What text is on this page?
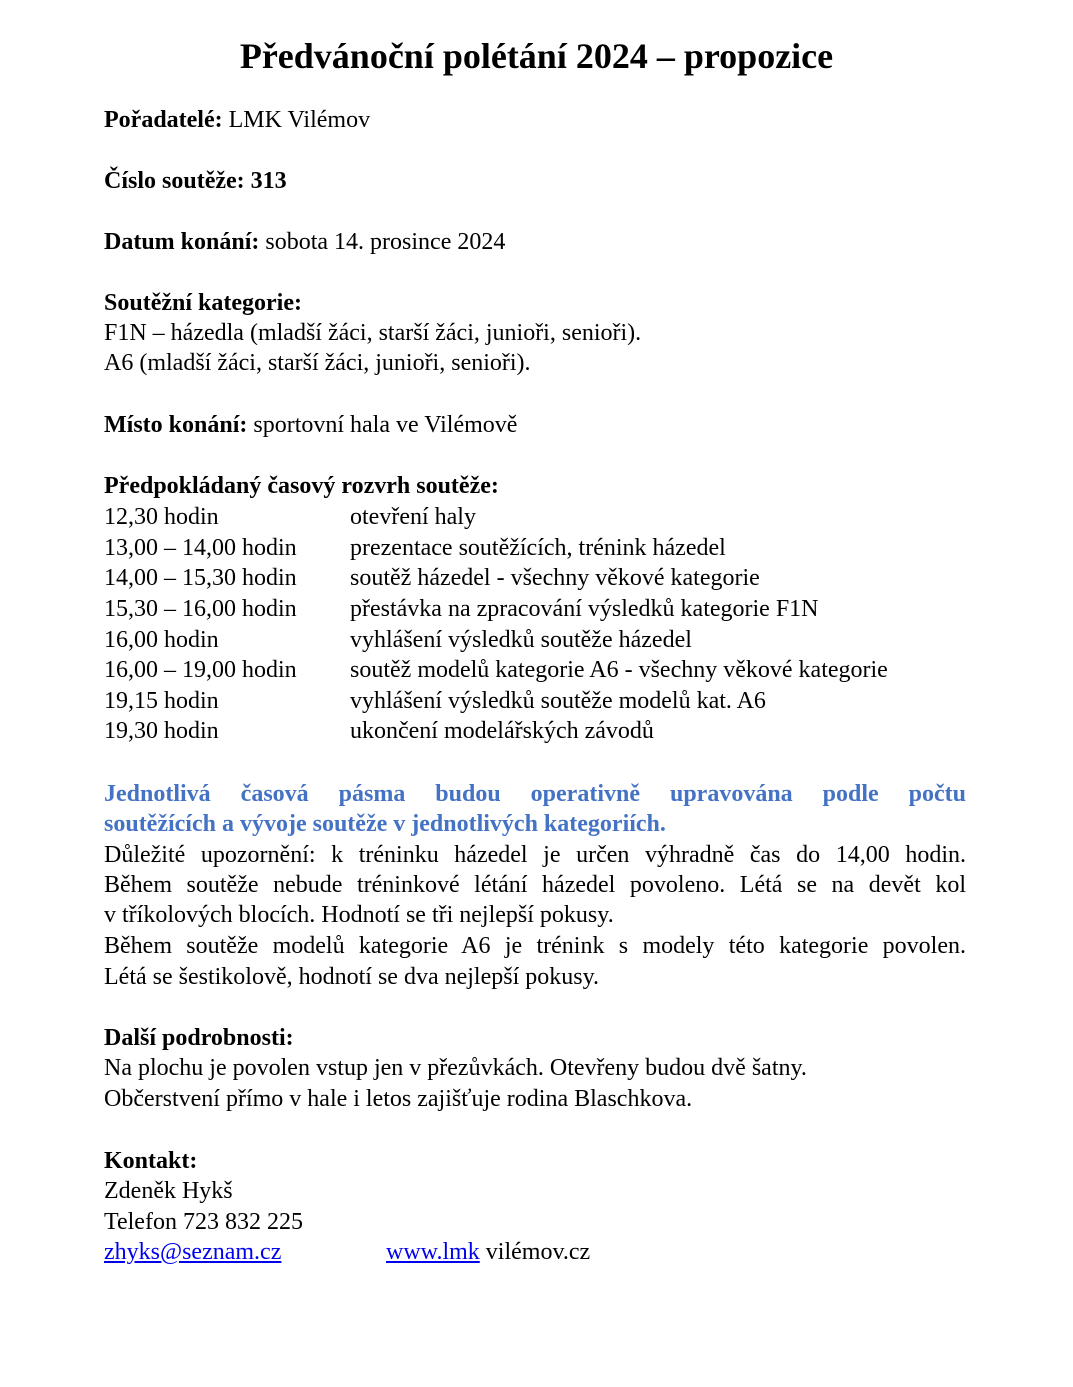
Předvánoční polétání 2024 – propozice

Pořadatelé: LMK Vilémov

Číslo soutěže: 313

Datum konání: sobota 14. prosince 2024

Soutěžní kategorie:

F1N – házedla (mladší žáci, starší žáci, junioři, senioři).

A6 (mladší žáci, starší žáci, junioři, senioři).

Místo konání: sportovní hala ve Vilémově

Předpokládaný časový rozvrh soutěže:

12,30 hodin	otevření haly
13,00 – 14,00 hodin prezentace soutěžících, trénink házedel
14,00 – 15,30 hodin soutěž házedel - všechny věkové kategorie
15,30 – 16,00 hodin přestávka na zpracování výsledků kategorie F1N
16,00 hodin	vyhlášení výsledků soutěže házedel
16,00 – 19,00 hodin soutěž modelů kategorie A6 - všechny věkové kategorie
19,15 hodin	vyhlášení výsledků soutěže modelů kat. A6
19,30 hodin	ukončení modelářských závodů

Jednotlivá časová pásma budou operativně upravována podle počtu

soutěžících a vývoje soutěže v jednotlivých kategoriích.

Důležité upozornění: k tréninku házedel je určen výhradně čas do 14,00 hodin.

Během soutěže nebude tréninkové létání házedel povoleno. Létá se na devět kol

v tříkolových blocích. Hodnotí se tři nejlepší pokusy.

Během soutěže modelů kategorie A6 je trénink s modely této kategorie povolen.

Létá se šestikolově, hodnotí se dva nejlepší pokusy.

Další podrobnosti:

Na plochu je povolen vstup jen v přezůvkách. Otevřeny budou dvě šatny.

Občerstvení přímo v hale i letos zajišťuje rodina Blaschkova.

Kontakt:

Zdeněk Hykš

Telefon 723 832 225

zhyks@seznam.cz	www.lmk vilémov.cz
